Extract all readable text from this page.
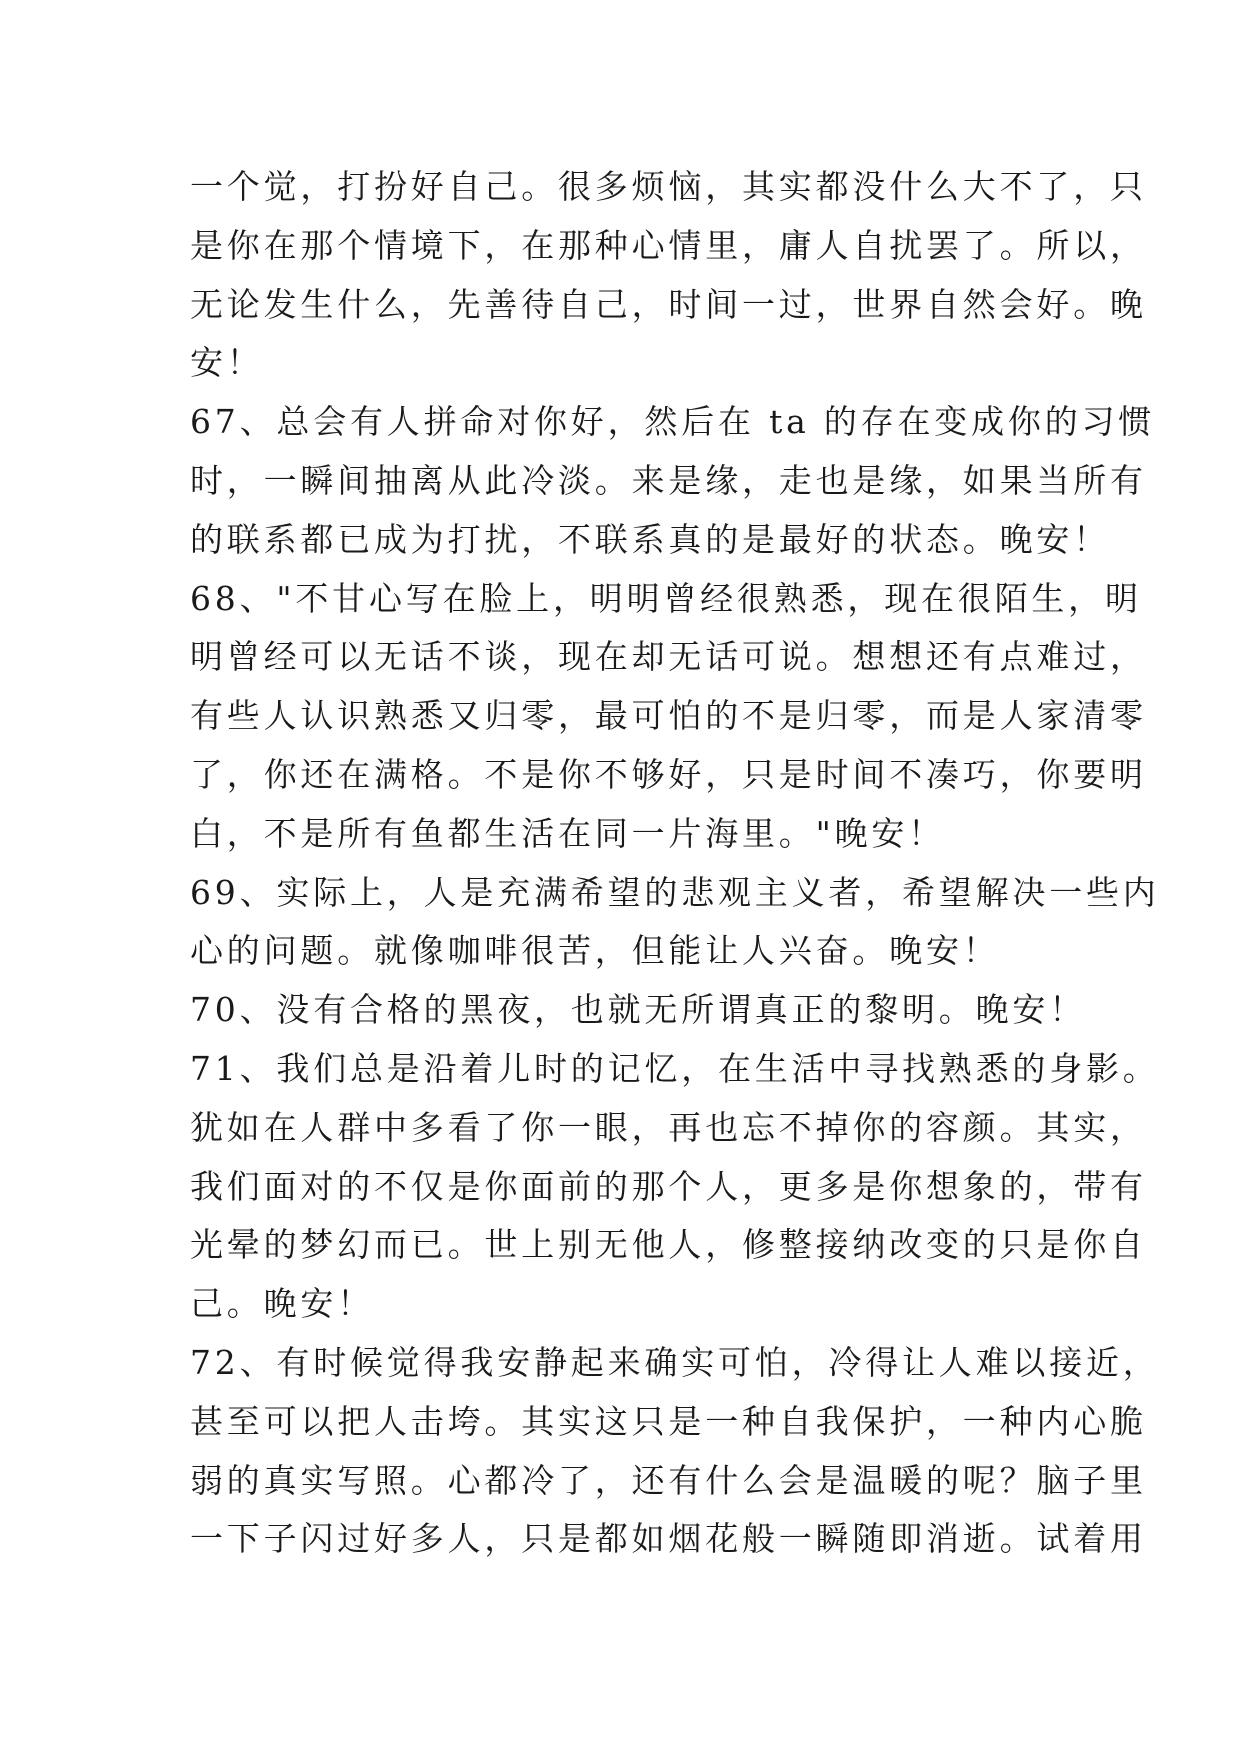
一个觉，打扮好自己。很多烦恼，其实都没什么大不了，只
是你在那个情境下，在那种心情里，庸人自扰罢了。所以，
无论发生什么，先善待自己，时间一过，世界自然会好。晚
安！
67、总会有人拼命对你好，然后在 ta 的存在变成你的习惯
时，一瞬间抽离从此冷淡。来是缘，走也是缘，如果当所有
的联系都已成为打扰，不联系真的是最好的状态。晚安！
68、"不甘心写在脸上，明明曾经很熟悉，现在很陌生，明
明曾经可以无话不谈，现在却无话可说。想想还有点难过，
有些人认识熟悉又归零，最可怕的不是归零，而是人家清零
了，你还在满格。不是你不够好，只是时间不凑巧，你要明
白，不是所有鱼都生活在同一片海里。"晚安！
69、实际上，人是充满希望的悲观主义者，希望解决一些内
心的问题。就像咖啡很苦，但能让人兴奋。晚安！
70、没有合格的黑夜，也就无所谓真正的黎明。晚安！
71、我们总是沿着儿时的记忆，在生活中寻找熟悉的身影。
犹如在人群中多看了你一眼，再也忘不掉你的容颜。其实，
我们面对的不仅是你面前的那个人，更多是你想象的，带有
光晕的梦幻而已。世上别无他人，修整接纳改变的只是你自
己。晚安！
72、有时候觉得我安静起来确实可怕，冷得让人难以接近，
甚至可以把人击垮。其实这只是一种自我保护，一种内心脆
弱的真实写照。心都冷了，还有什么会是温暖的呢？脑子里
一下子闪过好多人，只是都如烟花般一瞬随即消逝。试着用
